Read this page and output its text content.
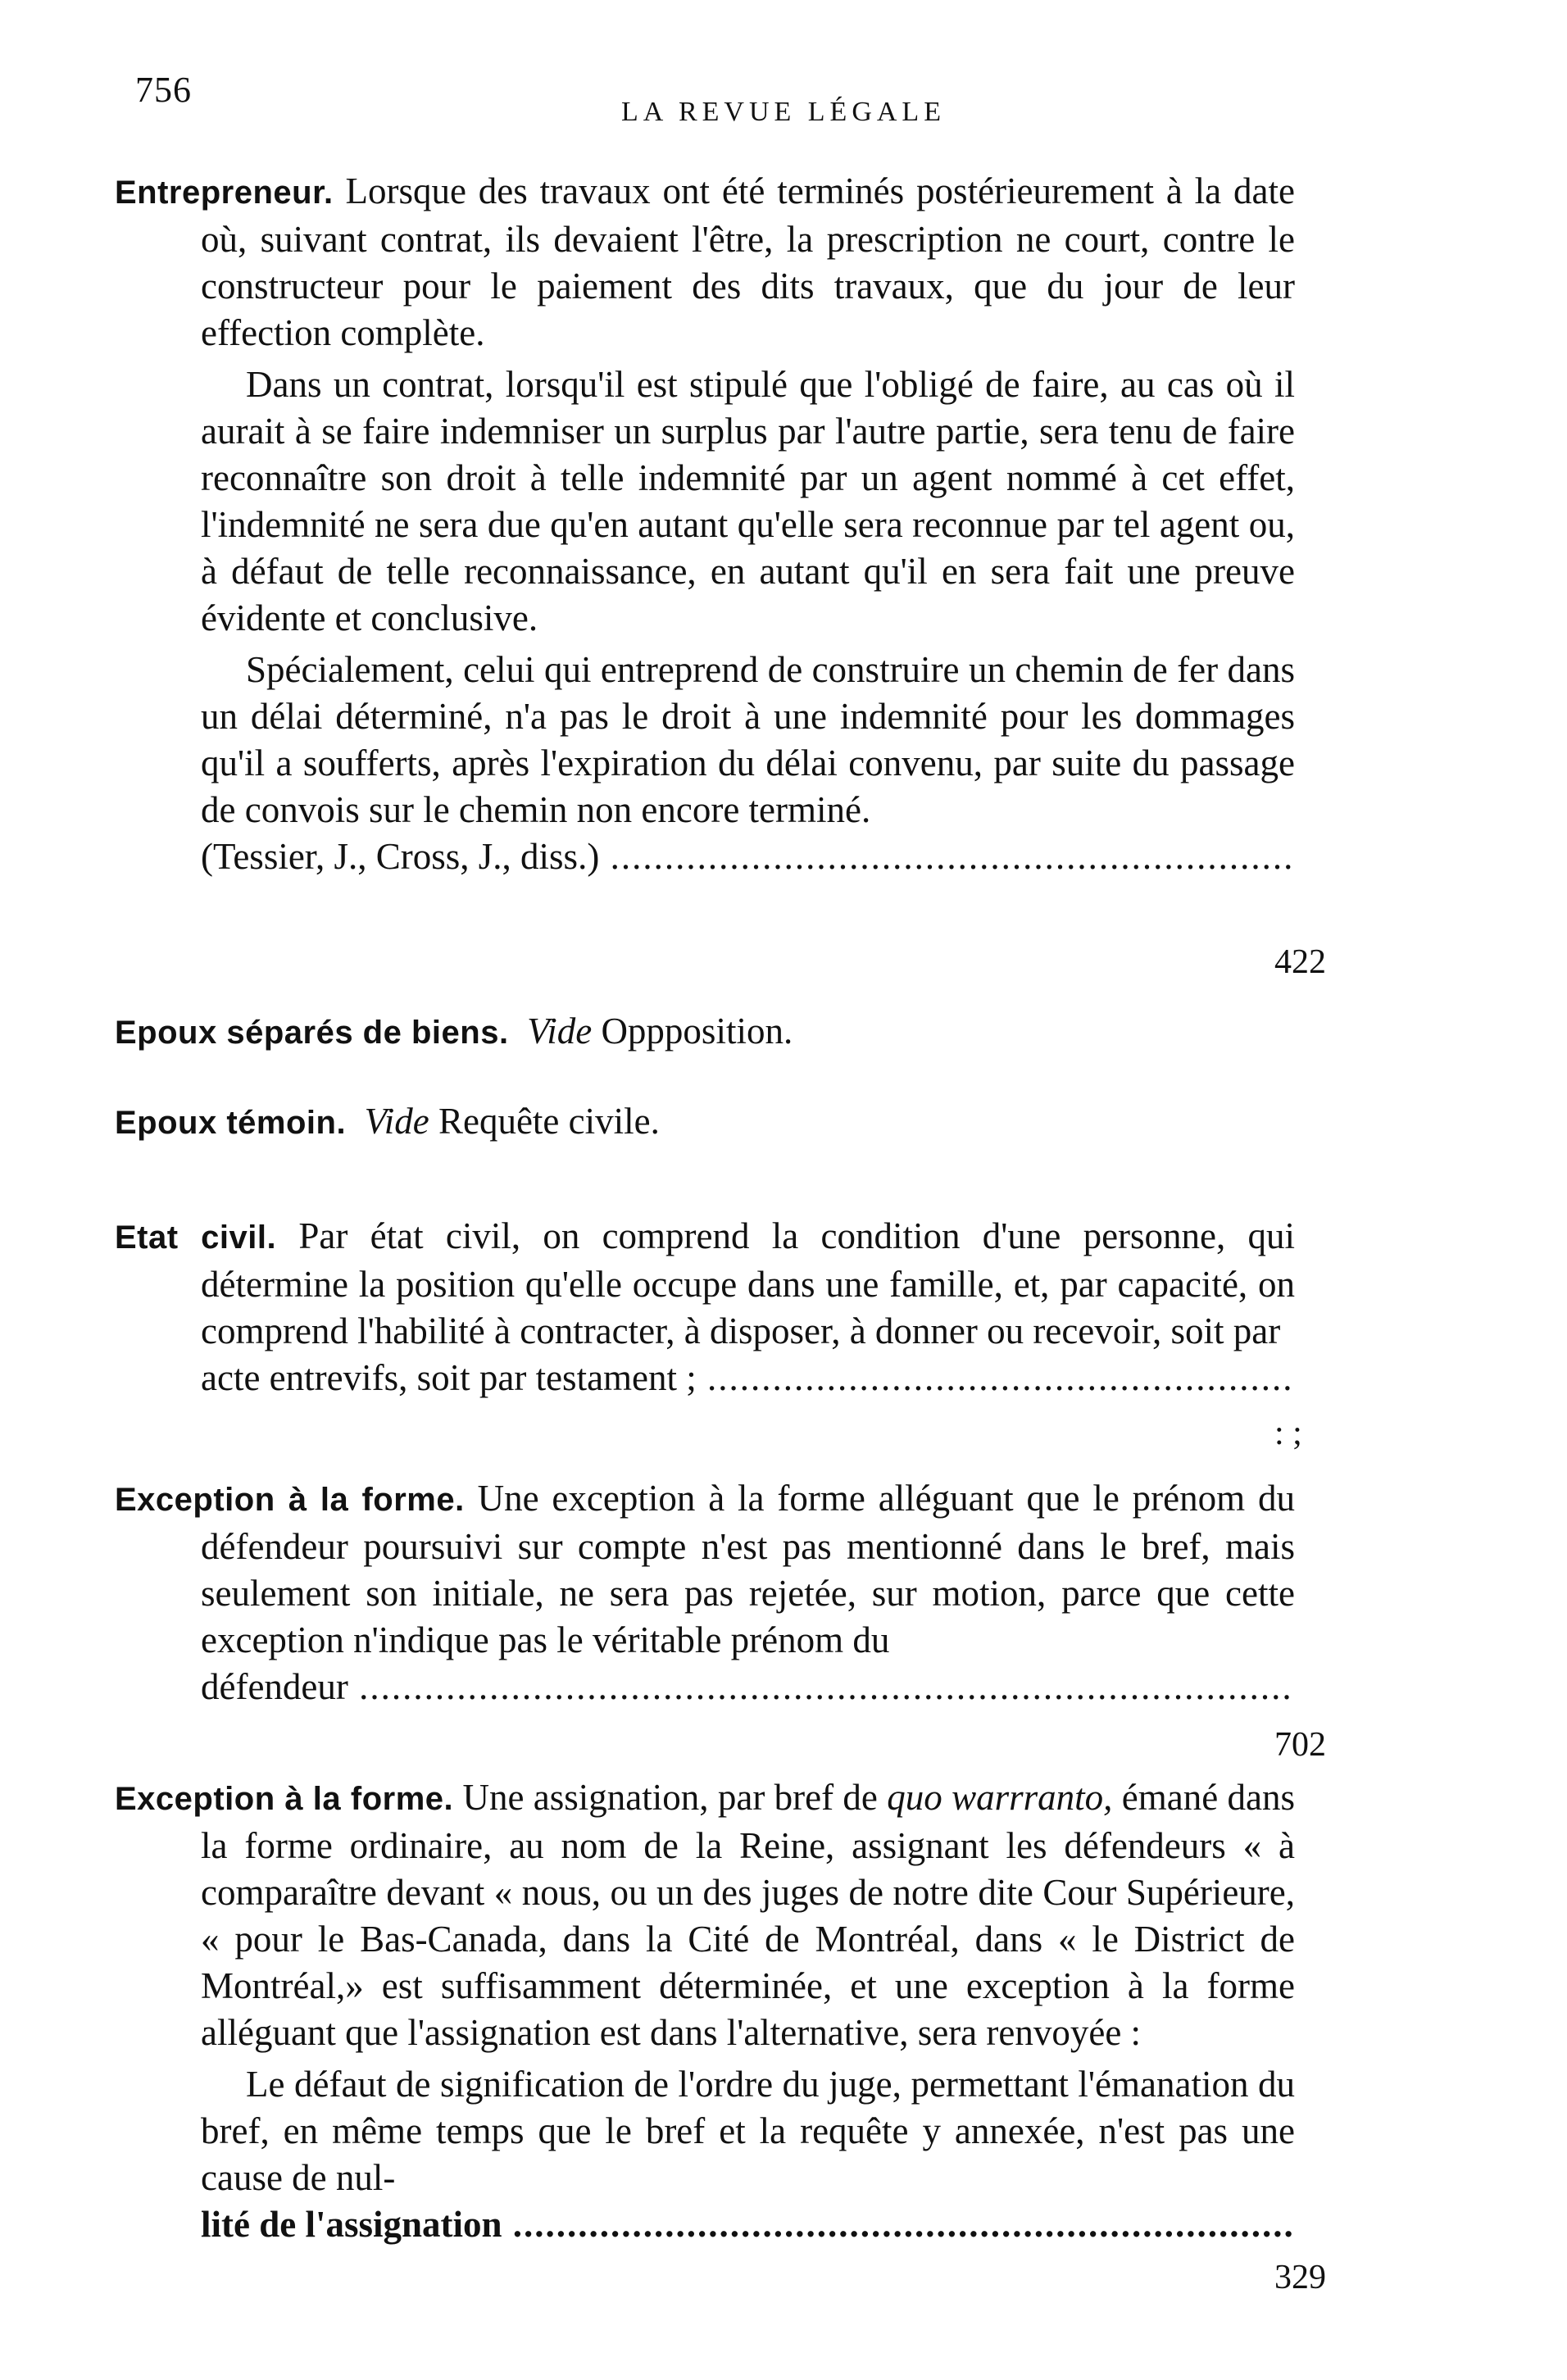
756
LA REVUE LÉGALE

Entrepreneur. Lorsque des travaux ont été terminés postérieurement à la date où, suivant contrat, ils devaient l'être, la prescription ne court, contre le constructeur pour le paiement des dits travaux, que du jour de leur effection complète.

Dans un contrat, lorsqu'il est stipulé que l'obligé de faire, au cas où il aurait à se faire indemniser un surplus par l'autre partie, sera tenu de faire reconnaître son droit à telle indemnité par un agent nommé à cet effet, l'indemnité ne sera due qu'en autant qu'elle sera reconnue par tel agent ou, à défaut de telle reconnaissance, en autant qu'il en sera fait une preuve évidente et conclusive.

Spécialement, celui qui entreprend de construire un chemin de fer dans un délai déterminé, n'a pas le droit à une indemnité pour les dommages qu'il a soufferts, après l'expiration du délai convenu, par suite du passage de convois sur le chemin non encore terminé.

(Tessier, J., Cross, J., diss.) .....
422

Epoux séparés de biens. Vide Oppposition.

Epoux témoin. Vide Requête civile.

Etat civil. Par état civil, on comprend la condition d'une personne, qui détermine la position qu'elle occupe dans une famille, et, par capacité, on comprend l'habilité à contracter, à disposer, à donner ou recevoir, soit par

acte entrevifs, soit par testament ; .....
: ;

Exception à la forme. Une exception à la forme alléguant que le prénom du défendeur poursuivi sur compte n'est pas mentionné dans le bref, mais seulement son initiale, ne sera pas rejetée, sur motion, parce que cette exception n'indique pas le véritable prénom du

défendeur .....
702

Exception à la forme. Une assignation, par bref de quo warrranto, émané dans la forme ordinaire, au nom de la Reine, assignant les défendeurs « à comparaître devant « nous, ou un des juges de notre dite Cour Supérieure, « pour le Bas-Canada, dans la Cité de Montréal, dans « le District de Montréal,» est suffisamment déterminée, et une exception à la forme alléguant que l'assignation est dans l'alternative, sera renvoyée :

Le défaut de signification de l'ordre du juge, permettant l'émanation du bref, en même temps que le bref et la requête y annexée, n'est pas une cause de nul-

lité de l'assignation .....
329
